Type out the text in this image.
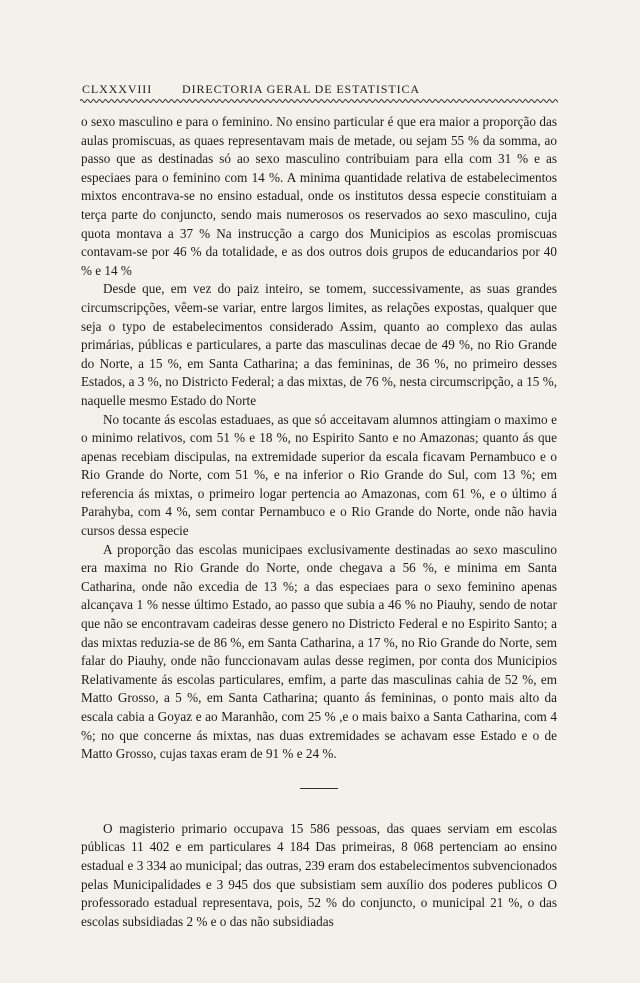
CLXXXVIII DIRECTORIA GERAL DE ESTATISTICA

o sexo masculino e para o feminino. No ensino particular é que era maior a proporção das aulas promiscuas, as quaes representavam mais de metade, ou sejam 55 % da somma, ao passo que as destinadas só ao sexo masculino contribuiam para ella com 31 % e as especiaes para o feminino com 14 %. A minima quantidade relativa de estabelecimentos mixtos encontrava-se no ensino estadual, onde os institutos dessa especie constituiam a terça parte do conjuncto, sendo mais numerosos os reservados ao sexo masculino, cuja quota montava a 37 % Na instrucção a cargo dos Municipios as escolas promiscuas contavam-se por 46 % da totalidade, e as dos outros dois grupos de educandarios por 40 % e 14 %

Desde que, em vez do paiz inteiro, se tomem, successivamente, as suas grandes circumscripções, vêem-se variar, entre largos limites, as relações expostas, qualquer que seja o typo de estabelecimentos considerado Assim, quanto ao complexo das aulas primárias, públicas e particulares, a parte das masculinas decae de 49 %, no Rio Grande do Norte, a 15 %, em Santa Catharina; a das femininas, de 36 %, no primeiro desses Estados, a 3 %, no Districto Federal; a das mixtas, de 76 %, nesta circumscripção, a 15 %, naquelle mesmo Estado do Norte

No tocante ás escolas estaduaes, as que só acceitavam alumnos attingiam o maximo e o minimo relativos, com 51 % e 18 %, no Espirito Santo e no Amazonas; quanto ás que apenas recebiam discipulas, na extremidade superior da escala ficavam Pernambuco e o Rio Grande do Norte, com 51 %, e na inferior o Rio Grande do Sul, com 13 %; em referencia ás mixtas, o primeiro logar pertencia ao Amazonas, com 61 %, e o último á Parahyba, com 4 %, sem contar Pernambuco e o Rio Grande do Norte, onde não havia cursos dessa especie

A proporção das escolas municipaes exclusivamente destinadas ao sexo masculino era maxima no Rio Grande do Norte, onde chegava a 56 %, e minima em Santa Catharina, onde não excedia de 13 %; a das especiaes para o sexo feminino apenas alcançava 1 % nesse último Estado, ao passo que subia a 46 % no Piauhy, sendo de notar que não se encontravam cadeiras desse genero no Districto Federal e no Espirito Santo; a das mixtas reduzia-se de 86 %, em Santa Catharina, a 17 %, no Rio Grande do Norte, sem falar do Piauhy, onde não funccionavam aulas desse regimen, por conta dos Municipios Relativamente ás escolas particulares, emfim, a parte das masculinas cahia de 52 %, em Matto Grosso, a 5 %, em Santa Catharina; quanto ás femininas, o ponto mais alto da escala cabia a Goyaz e ao Maranhão, com 25 % ,e o mais baixo a Santa Catharina, com 4 %; no que concerne ás mixtas, nas duas extremidades se achavam esse Estado e o de Matto Grosso, cujas taxas eram de 91 % e 24 %.

O magisterio primario occupava 15 586 pessoas, das quaes serviam em escolas públicas 11 402 e em particulares 4 184 Das primeiras, 8 068 pertenciam ao ensino estadual e 3 334 ao municipal; das outras, 239 eram dos estabelecimentos subvencionados pelas Municipalidades e 3 945 dos que subsistiam sem auxílio dos poderes publicos O professorado estadual representava, pois, 52 % do conjuncto, o municipal 21 %, o das escolas subsidiadas 2 % e o das não subsidiadas
